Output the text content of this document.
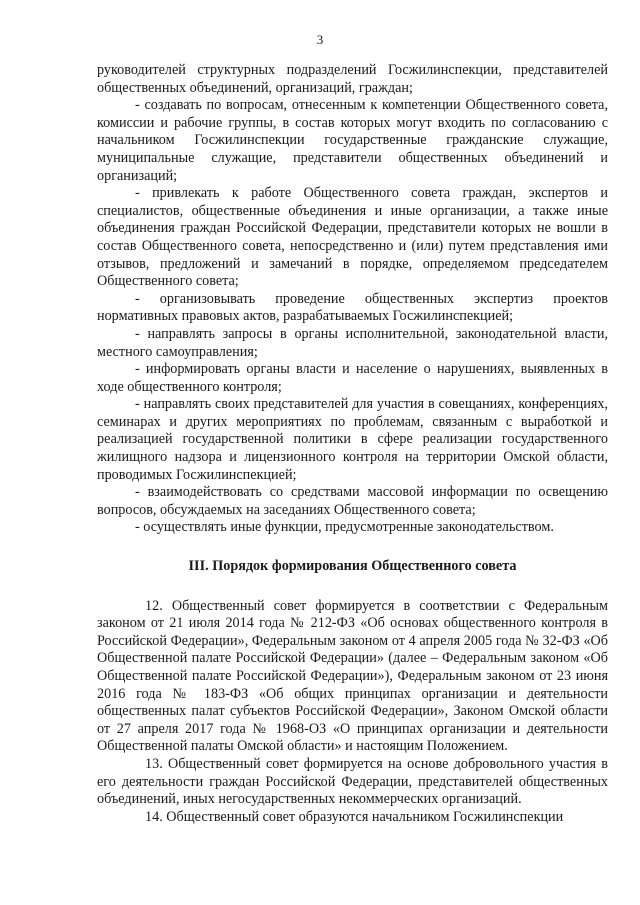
3

руководителей структурных подразделений Госжилинспекции, представителей общественных объединений, организаций, граждан;

- создавать по вопросам, отнесенным к компетенции Общественного совета, комиссии и рабочие группы, в состав которых могут входить по согласованию с начальником Госжилинспекции государственные гражданские служащие, муниципальные служащие, представители общественных объединений и организаций;

- привлекать к работе Общественного совета граждан, экспертов и специалистов, общественные объединения и иные организации, а также иные объединения граждан Российской Федерации, представители которых не вошли в состав Общественного совета, непосредственно и (или) путем представления ими отзывов, предложений и замечаний в порядке, определяемом председателем Общественного совета;

- организовывать проведение общественных экспертиз проектов нормативных правовых актов, разрабатываемых Госжилинспекцией;

- направлять запросы в органы исполнительной, законодательной власти, местного самоуправления;

- информировать органы власти и население о нарушениях, выявленных в ходе общественного контроля;

- направлять своих представителей для участия в совещаниях, конференциях, семинарах и других мероприятиях по проблемам, связанным с выработкой и реализацией государственной политики в сфере реализации государственного жилищного надзора и лицензионного контроля на территории Омской области, проводимых Госжилинспекцией;

- взаимодействовать со средствами массовой информации по освещению вопросов, обсуждаемых на заседаниях Общественного совета;

- осуществлять иные функции, предусмотренные законодательством.

III. Порядок формирования Общественного совета

12. Общественный совет формируется в соответствии с Федеральным законом от 21 июля 2014 года № 212-ФЗ «Об основах общественного контроля в Российской Федерации», Федеральным законом от 4 апреля 2005 года № 32-ФЗ «Об Общественной палате Российской Федерации» (далее – Федеральным законом «Об Общественной палате Российской Федерации»), Федеральным законом от 23 июня 2016 года № 183-ФЗ «Об общих принципах организации и деятельности общественных палат субъектов Российской Федерации», Законом Омской области от 27 апреля 2017 года № 1968-ОЗ «О принципах организации и деятельности Общественной палаты Омской области» и настоящим Положением.

13. Общественный совет формируется на основе добровольного участия в его деятельности граждан Российской Федерации, представителей общественных объединений, иных негосударственных некоммерческих организаций.

14. Общественный совет образуются начальником Госжилинспекции
